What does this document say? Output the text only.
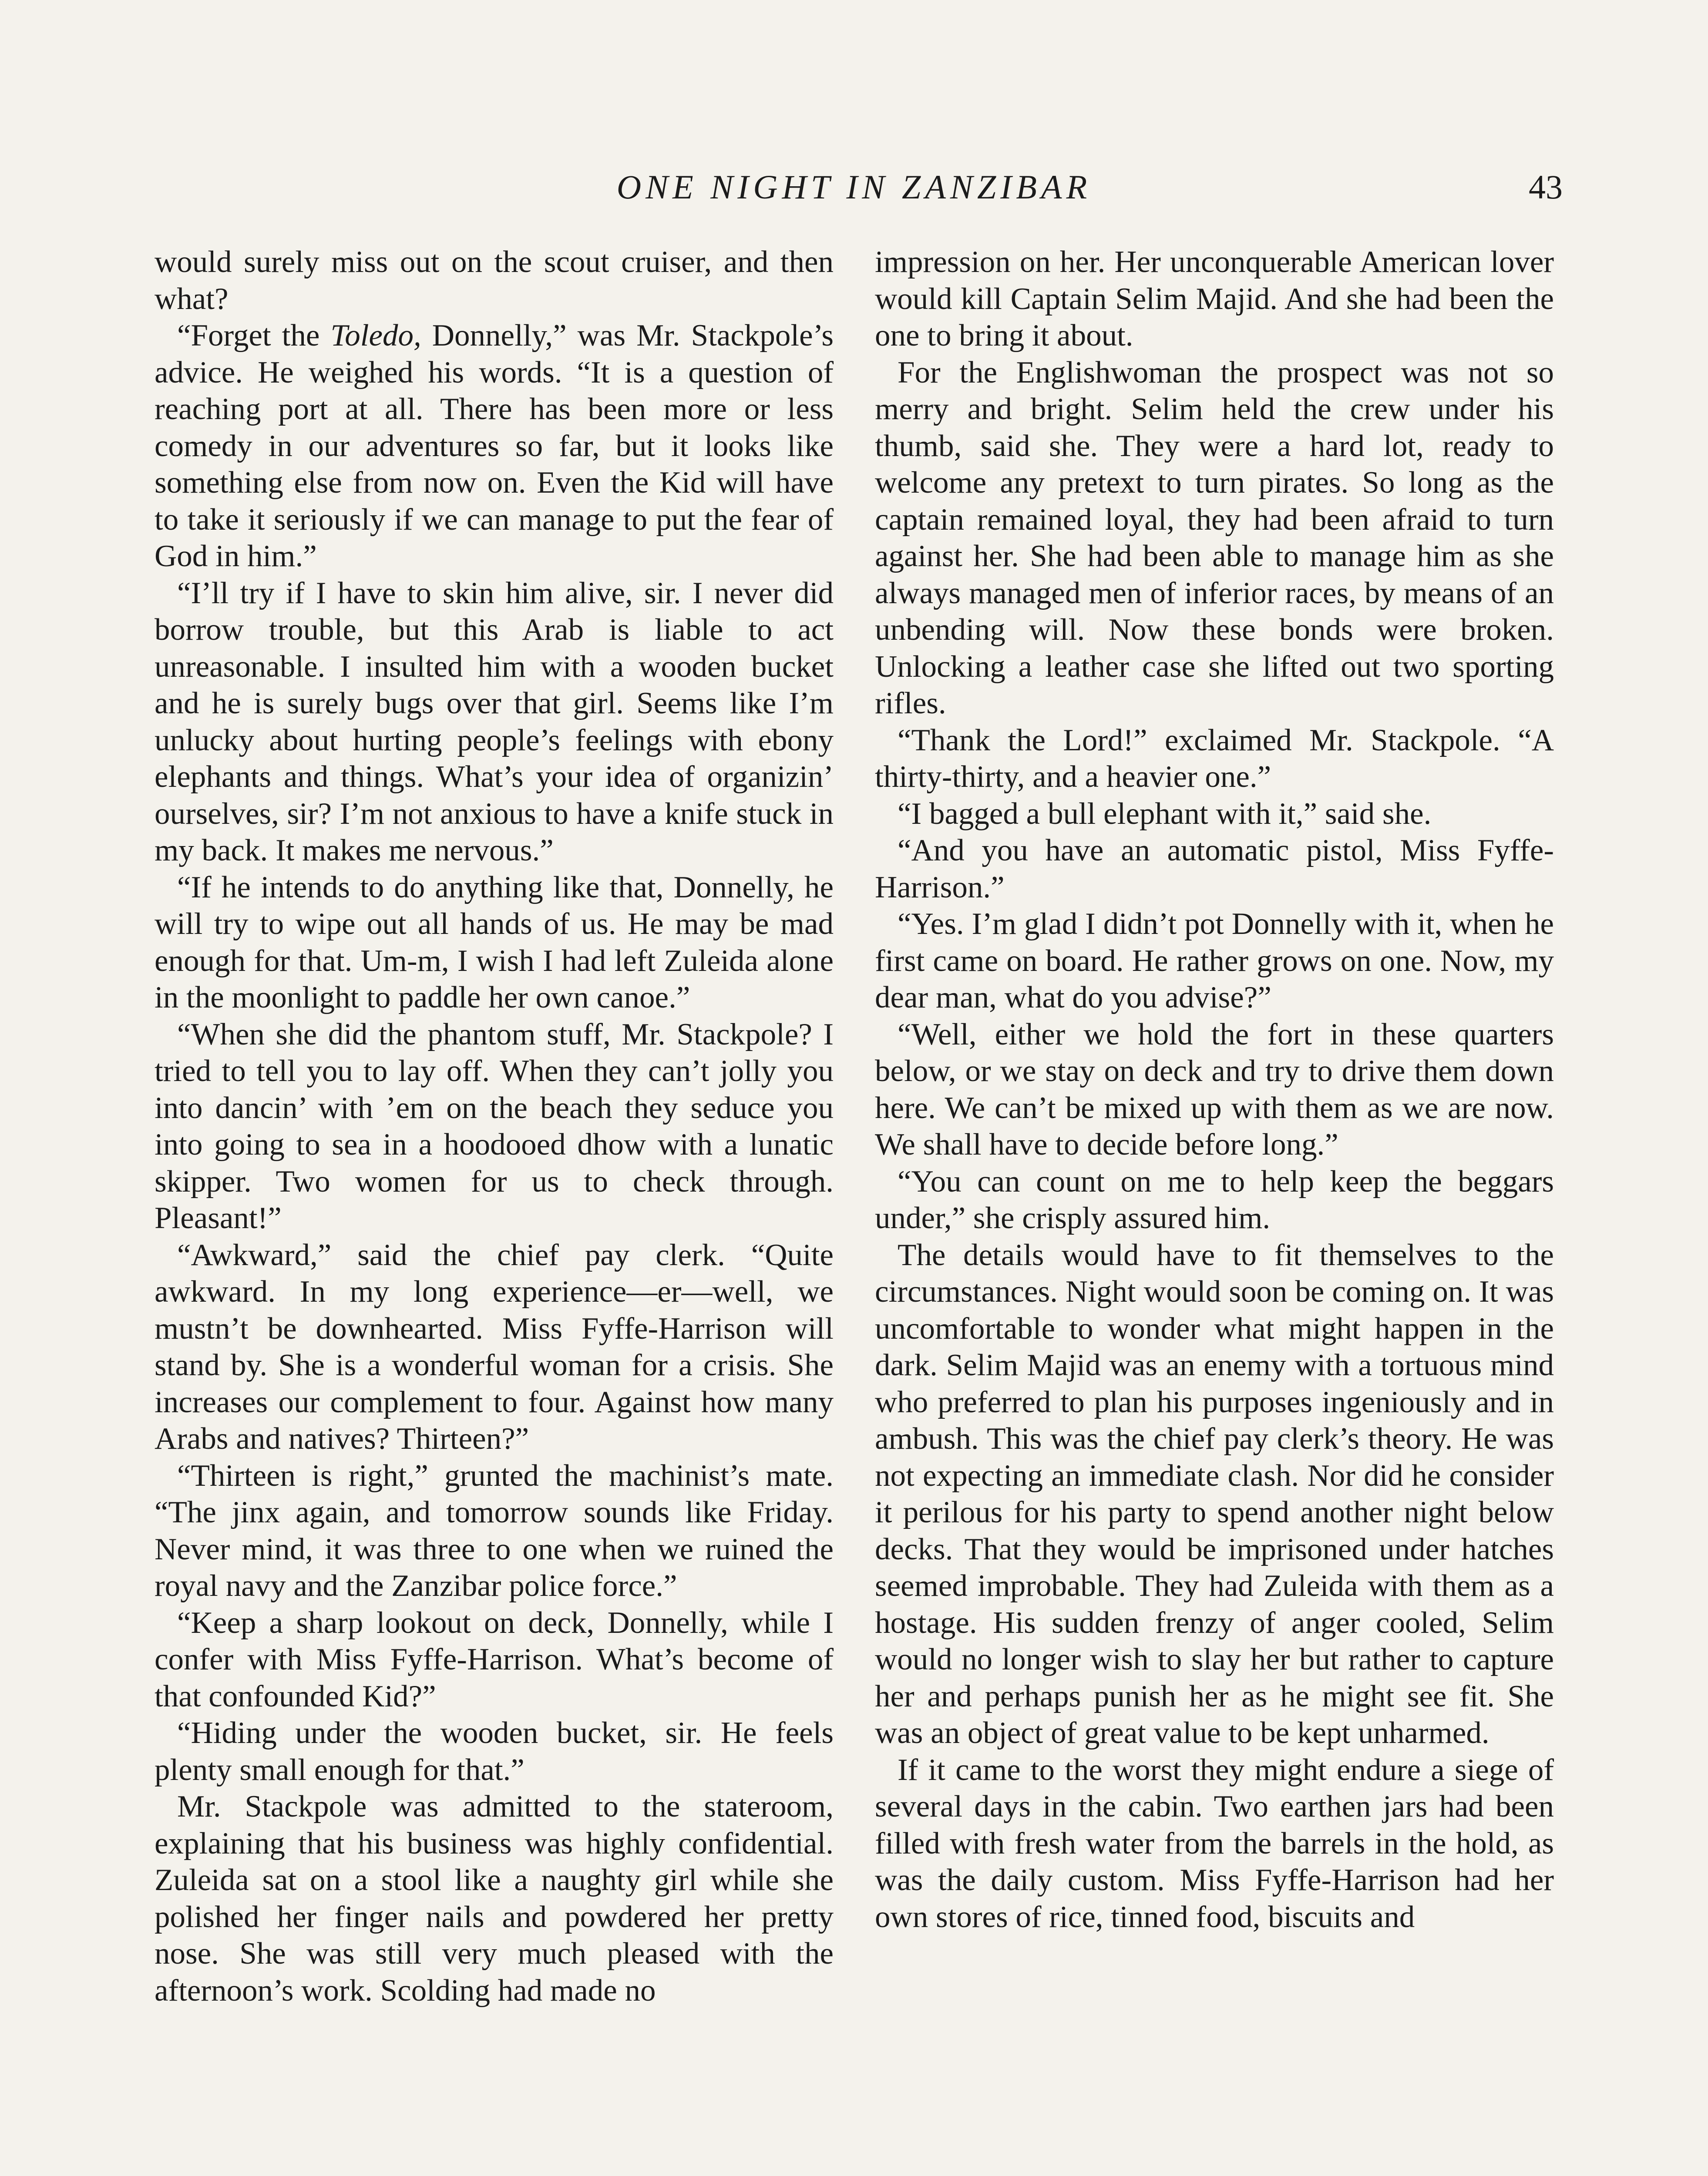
ONE NIGHT IN ZANZIBAR	43

would surely miss out on the scout cruiser, and then what?

“Forget the Toledo, Donnelly,” was Mr. Stackpole’s advice. He weighed his words. “It is a question of reaching port at all. There has been more or less comedy in our adventures so far, but it looks like something else from now on. Even the Kid will have to take it seriously if we can manage to put the fear of God in him.”

“I’ll try if I have to skin him alive, sir. I never did borrow trouble, but this Arab is liable to act unreasonable. I insulted him with a wooden bucket and he is surely bugs over that girl. Seems like I’m unlucky about hurting people’s feelings with ebony elephants and things. What’s your idea of organizin’ ourselves, sir? I’m not anxious to have a knife stuck in my back. It makes me nervous.”

“If he intends to do anything like that, Donnelly, he will try to wipe out all hands of us. He may be mad enough for that. Um-m, I wish I had left Zuleida alone in the moonlight to paddle her own canoe.”

“When she did the phantom stuff, Mr. Stackpole? I tried to tell you to lay off. When they can’t jolly you into dancin’ with ’em on the beach they seduce you into going to sea in a hoodooed dhow with a lunatic skipper. Two women for us to check through. Pleasant!”

“Awkward,” said the chief pay clerk. “Quite awkward. In my long experience—er—well, we mustn’t be downhearted. Miss Fyffe-Harrison will stand by. She is a wonderful woman for a crisis. She increases our complement to four. Against how many Arabs and natives? Thirteen?”

“Thirteen is right,” grunted the machinist’s mate. “The jinx again, and tomorrow sounds like Friday. Never mind, it was three to one when we ruined the royal navy and the Zanzibar police force.”

“Keep a sharp lookout on deck, Donnelly, while I confer with Miss Fyffe-Harrison. What’s become of that confounded Kid?”

“Hiding under the wooden bucket, sir. He feels plenty small enough for that.”

Mr. Stackpole was admitted to the stateroom, explaining that his business was highly confidential. Zuleida sat on a stool like a naughty girl while she polished her finger nails and powdered her pretty nose. She was still very much pleased with the afternoon’s work. Scolding had made no

impression on her. Her unconquerable American lover would kill Captain Selim Majid. And she had been the one to bring it about.

For the Englishwoman the prospect was not so merry and bright. Selim held the crew under his thumb, said she. They were a hard lot, ready to welcome any pretext to turn pirates. So long as the captain remained loyal, they had been afraid to turn against her. She had been able to manage him as she always managed men of inferior races, by means of an unbending will. Now these bonds were broken. Unlocking a leather case she lifted out two sporting rifles.

“Thank the Lord!” exclaimed Mr. Stackpole. “A thirty-thirty, and a heavier one.”

“I bagged a bull elephant with it,” said she.

“And you have an automatic pistol, Miss Fyffe-Harrison.”

“Yes. I’m glad I didn’t pot Donnelly with it, when he first came on board. He rather grows on one. Now, my dear man, what do you advise?”

“Well, either we hold the fort in these quarters below, or we stay on deck and try to drive them down here. We can’t be mixed up with them as we are now. We shall have to decide before long.”

“You can count on me to help keep the beggars under,” she crisply assured him.

The details would have to fit themselves to the circumstances. Night would soon be coming on. It was uncomfortable to wonder what might happen in the dark. Selim Majid was an enemy with a tortuous mind who preferred to plan his purposes ingeniously and in ambush. This was the chief pay clerk’s theory. He was not expecting an immediate clash. Nor did he consider it perilous for his party to spend another night below decks. That they would be imprisoned under hatches seemed improbable. They had Zuleida with them as a hostage. His sudden frenzy of anger cooled, Selim would no longer wish to slay her but rather to capture her and perhaps punish her as he might see fit. She was an object of great value to be kept unharmed.

If it came to the worst they might endure a siege of several days in the cabin. Two earthen jars had been filled with fresh water from the barrels in the hold, as was the daily custom. Miss Fyffe-Harrison had her own stores of rice, tinned food, biscuits and
